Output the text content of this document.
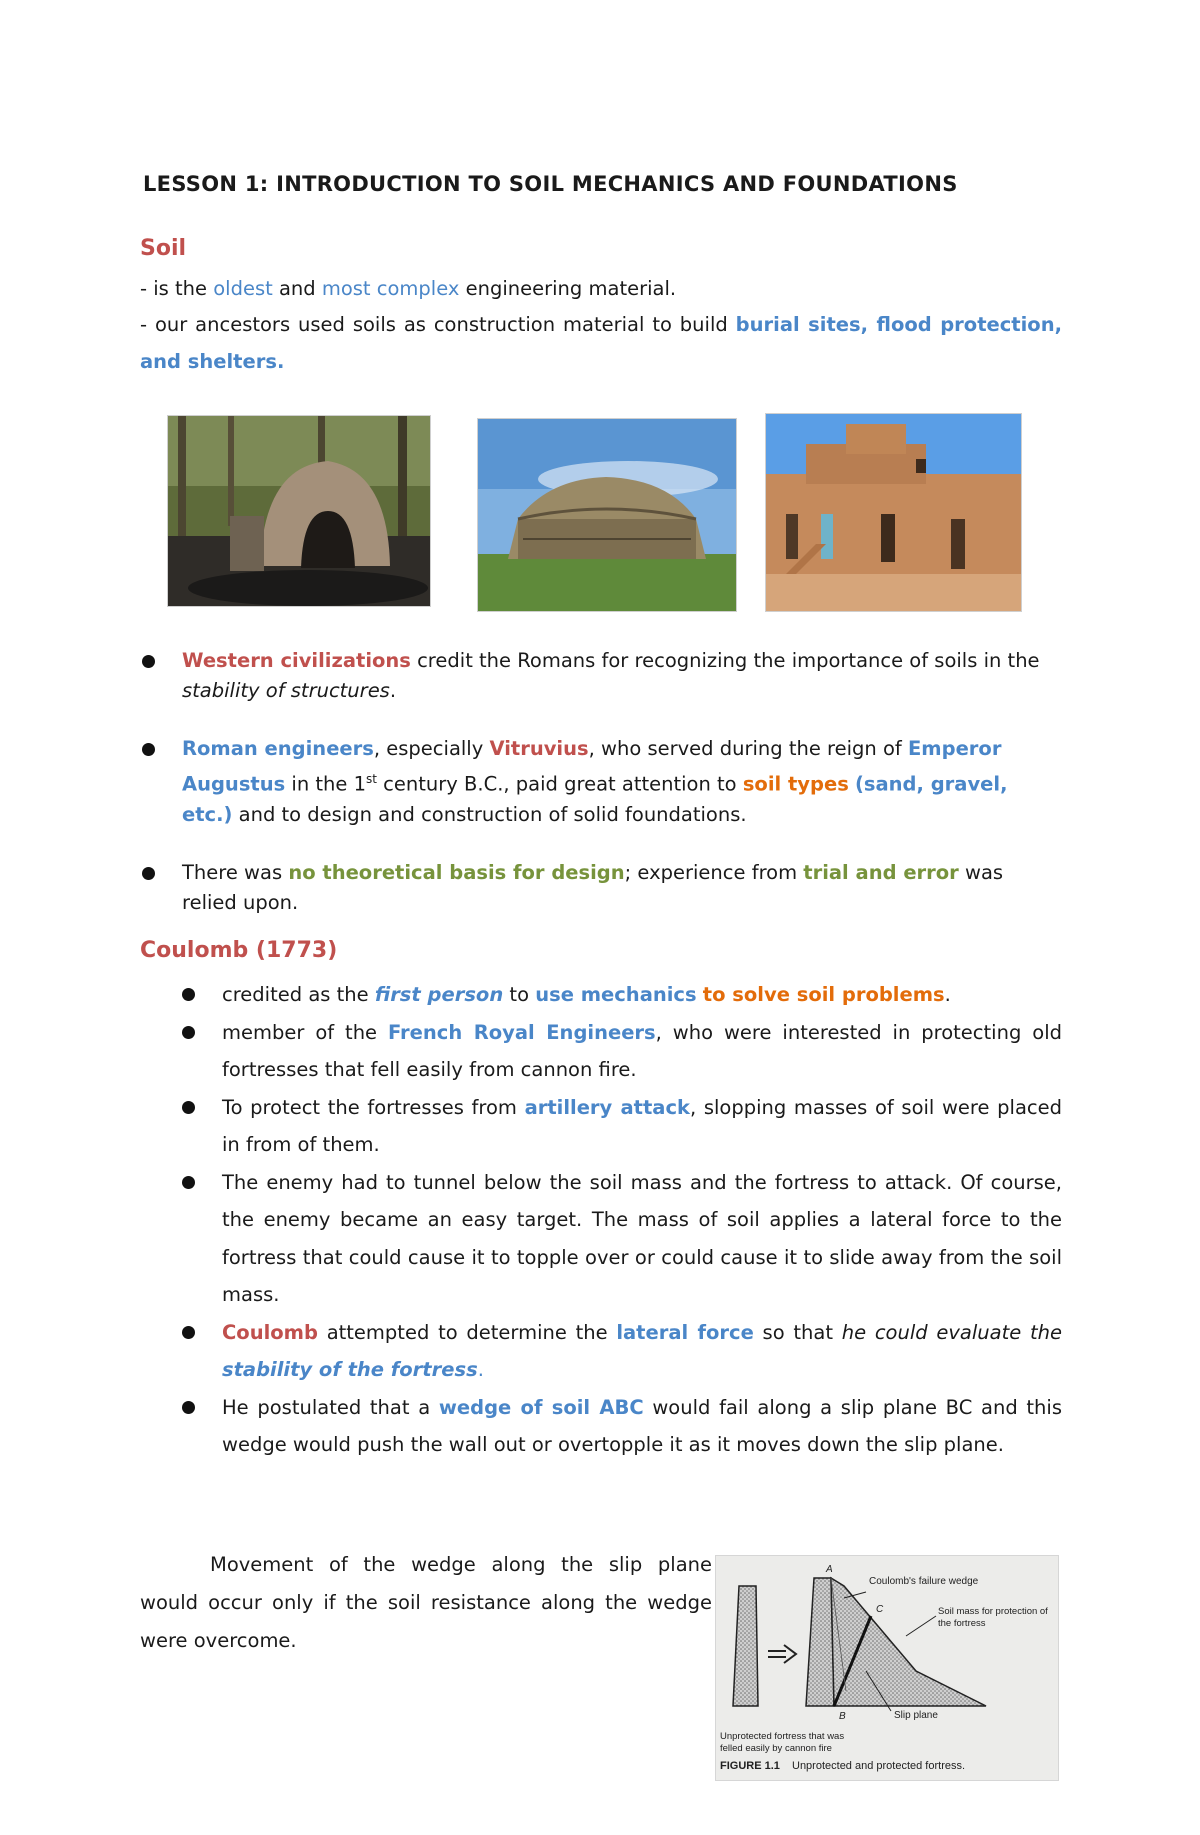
LESSON 1: INTRODUCTION TO SOIL MECHANICS AND FOUNDATIONS
Soil
- is the oldest and most complex engineering material.
- our ancestors used soils as construction material to build burial sites, flood protection, and shelters.
Western civilizations credit the Romans for recognizing the importance of soils in the stability of structures.
Roman engineers, especially Vitruvius, who served during the reign of Emperor Augustus in the 1st century B.C., paid great attention to soil types (sand, gravel, etc.) and to design and construction of solid foundations.
There was no theoretical basis for design; experience from trial and error was relied upon.
Coulomb (1773)
credited as the first person to use mechanics to solve soil problems.
member of the French Royal Engineers, who were interested in protecting old fortresses that fell easily from cannon fire.
To protect the fortresses from artillery attack, slopping masses of soil were placed in from of them.
The enemy had to tunnel below the soil mass and the fortress to attack. Of course, the enemy became an easy target. The mass of soil applies a lateral force to the fortress that could cause it to topple over or could cause it to slide away from the soil mass.
Coulomb attempted to determine the lateral force so that he could evaluate the stability of the fortress.
He postulated that a wedge of soil ABC would fail along a slip plane BC and this wedge would push the wall out or overtopple it as it moves down the slip plane.
Movement of the wedge along the slip plane
would occur only if the soil resistance along the wedge
were overcome.
A
C
B
Coulomb's failure wedge
Soil mass for protection of
the fortress
Slip plane
Unprotected fortress that was
felled easily by cannon fire
FIGURE 1.1 Unprotected and protected fortress.
